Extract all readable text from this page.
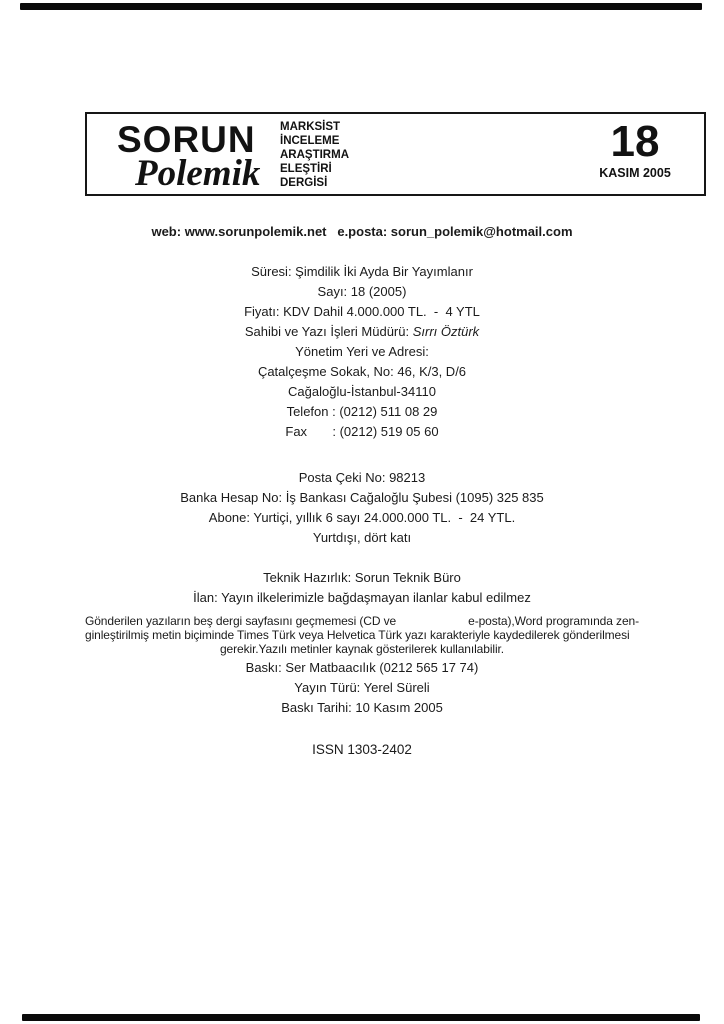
SORUN
Polemik
MARKSİST
İNCELEME
ARAŞTIRMA
ELEŞTİRİ
DERGİSİ
18
KASIM 2005
web: www.sorunpolemik.net   e.posta: sorun_polemik@hotmail.com
Süresi: Şimdilik İki Ayda Bir Yayımlanır
Sayı: 18 (2005)
Fiyatı: KDV Dahil 4.000.000 TL.  -  4 YTL
Sahibi ve Yazı İşleri Müdürü: Sırrı Öztürk
Yönetim Yeri ve Adresi:
Çatalçeşme Sokak, No: 46, K/3, D/6
Cağaloğlu-İstanbul-34110
Telefon : (0212) 511 08 29
Fax       : (0212) 519 05 60
Posta Çeki No: 98213
Banka Hesap No: İş Bankası Cağaloğlu Şubesi (1095) 325 835
Abone: Yurtiçi, yıllık 6 sayı 24.000.000 TL.  -  24 YTL.
Yurtdışı, dört katı
Teknik Hazırlık: Sorun Teknik Büro
İlan: Yayın ilkelerimizle bağdaşmayan ilanlar kabul edilmez
Gönderilen yazıların beş dergi sayfasını geçmemesi (CD ve	e-posta),Word programında zen-
ginleştirilmiş metin biçiminde Times Türk veya Helvetica Türk yazı karakteriyle kaydedilerek gönderilmesi
gerekir.Yazılı metinler kaynak gösterilerek kullanılabilir.
Baskı: Ser Matbaacılık (0212 565 17 74)
Yayın Türü: Yerel Süreli
Baskı Tarihi: 10 Kasım 2005
ISSN 1303-2402
